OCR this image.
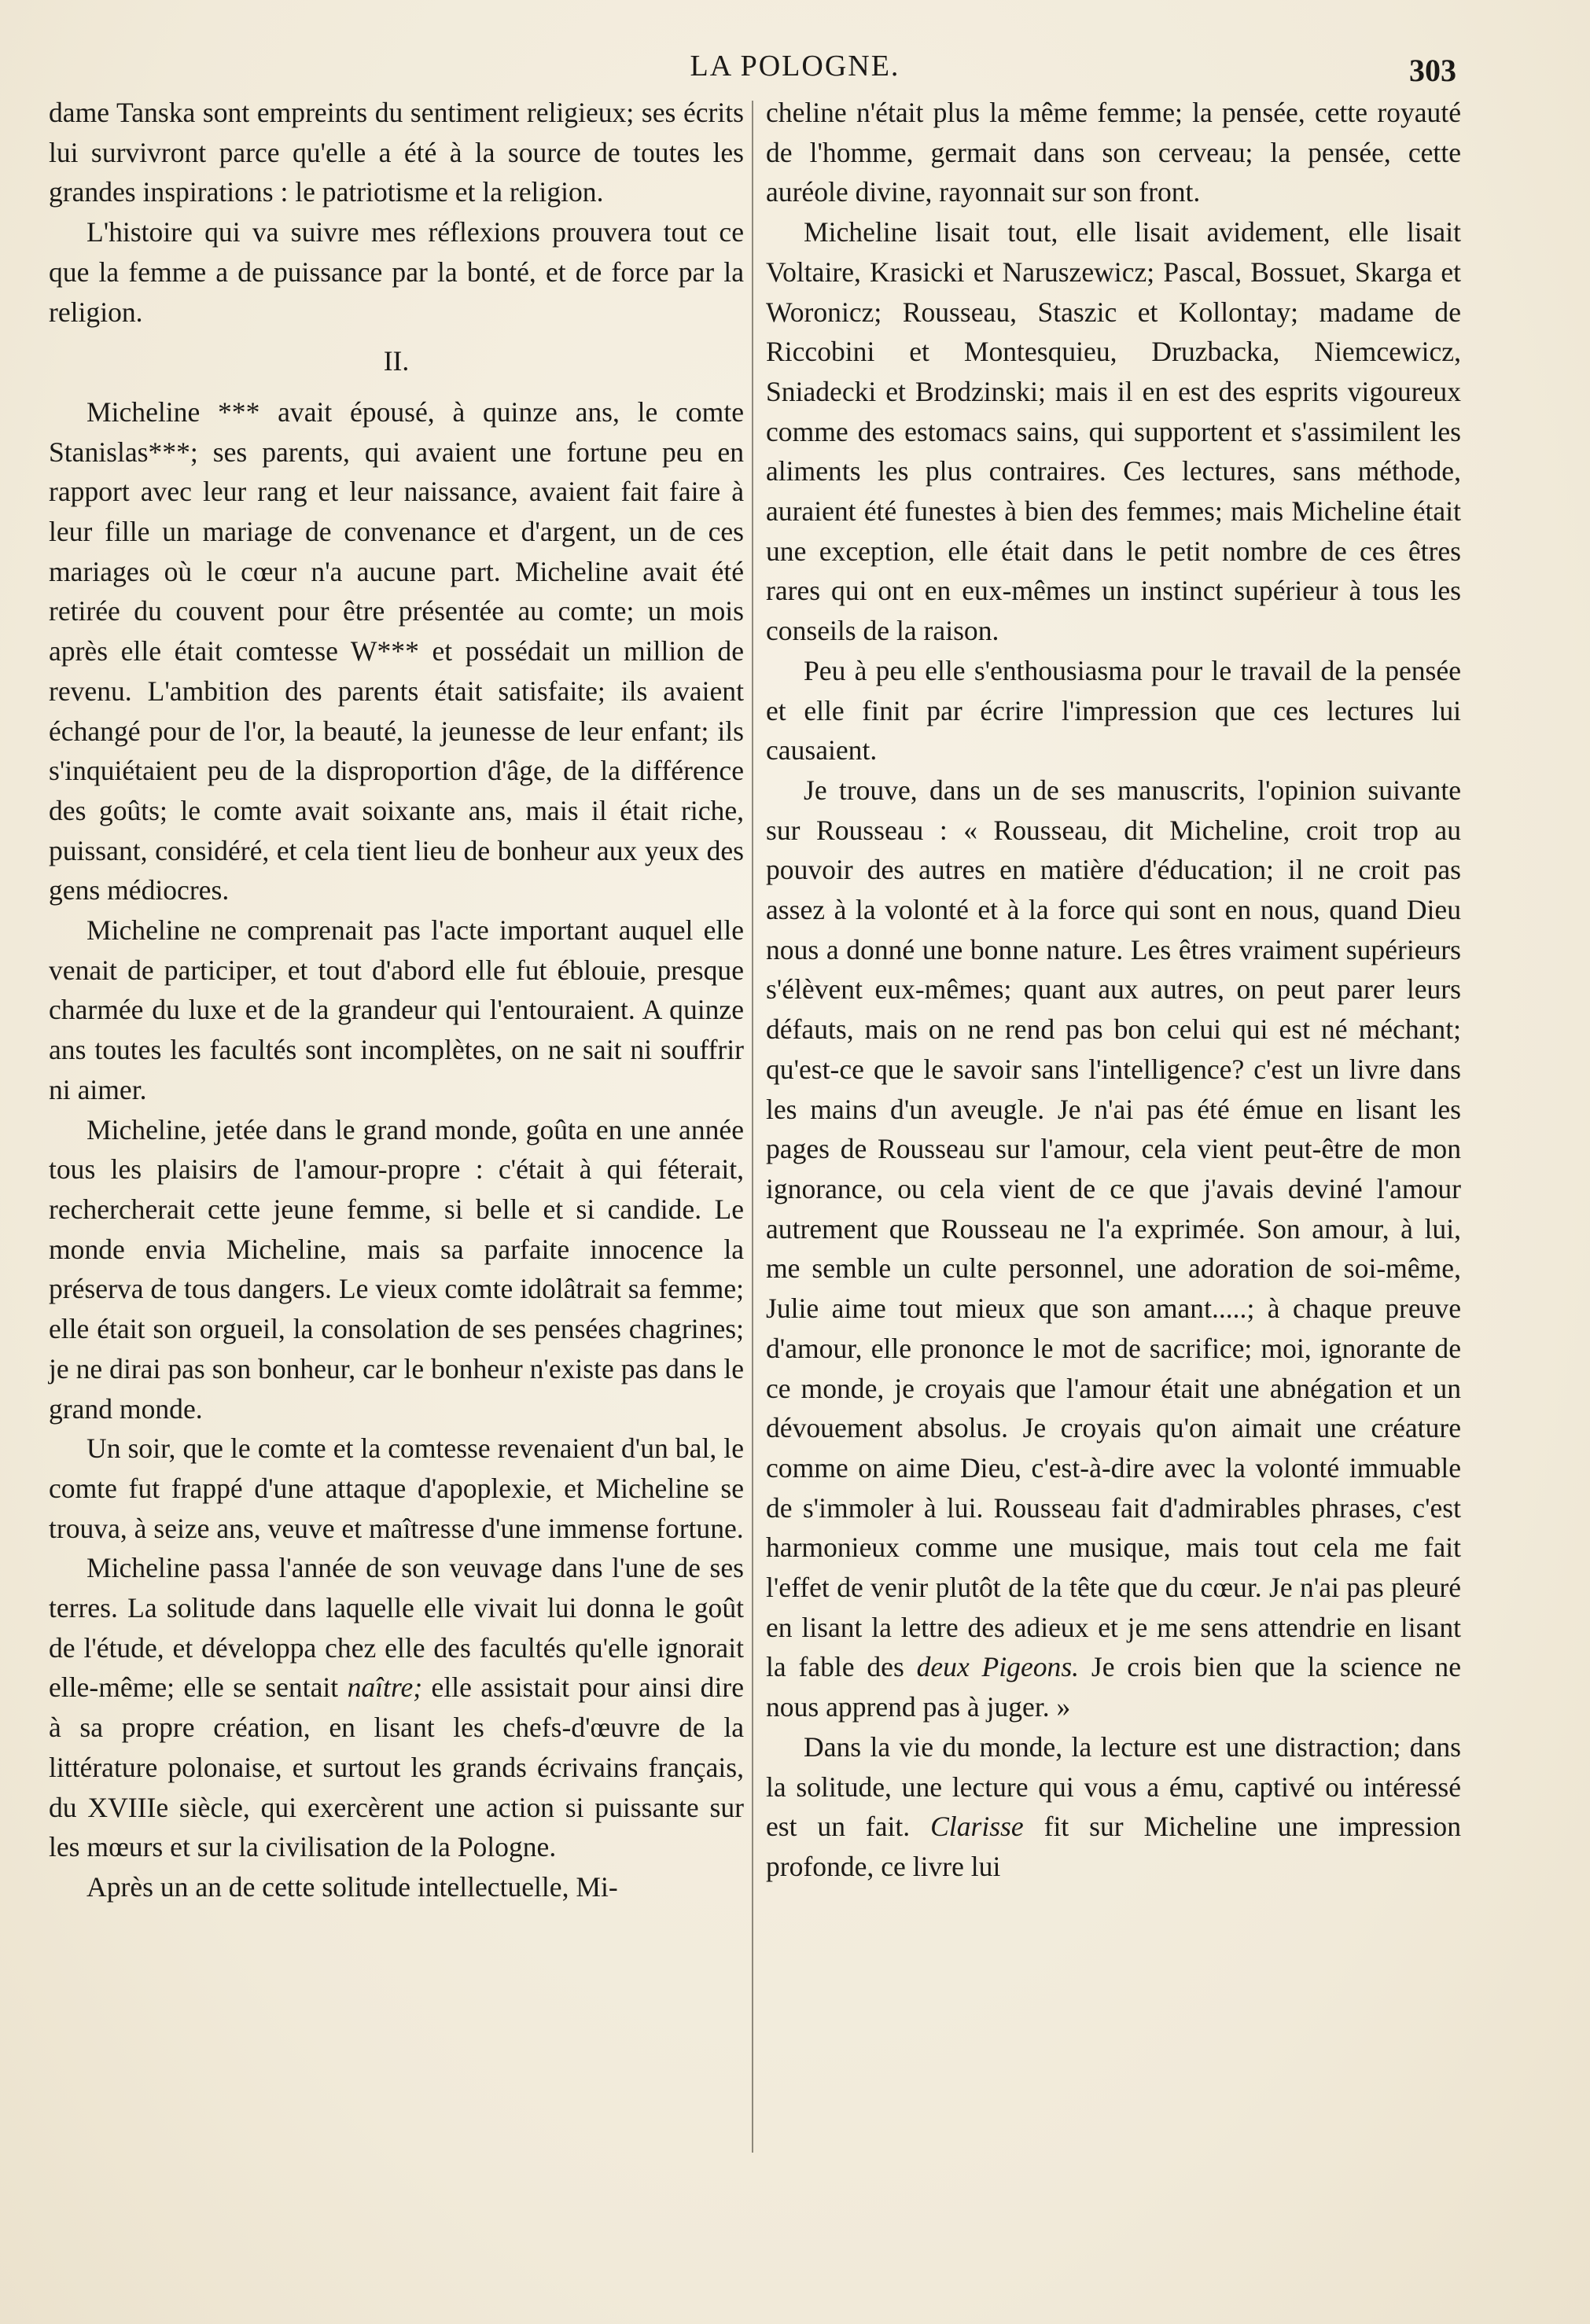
LA POLOGNE.	303

dame Tanska sont empreints du sentiment religieux; ses écrits lui survivront parce qu'elle a été à la source de toutes les grandes inspirations : le patriotisme et la religion.

L'histoire qui va suivre mes réflexions prouvera tout ce que la femme a de puissance par la bonté, et de force par la religion.

II.

Micheline *** avait épousé, à quinze ans, le comte Stanislas***; ses parents, qui avaient une fortune peu en rapport avec leur rang et leur naissance, avaient fait faire à leur fille un mariage de convenance et d'argent, un de ces mariages où le cœur n'a aucune part. Micheline avait été retirée du couvent pour être présentée au comte; un mois après elle était comtesse W*** et possédait un million de revenu. L'ambition des parents était satisfaite; ils avaient échangé pour de l'or, la beauté, la jeunesse de leur enfant; ils s'inquiétaient peu de la disproportion d'âge, de la différence des goûts; le comte avait soixante ans, mais il était riche, puissant, considéré, et cela tient lieu de bonheur aux yeux des gens médiocres.

Micheline ne comprenait pas l'acte important auquel elle venait de participer, et tout d'abord elle fut éblouie, presque charmée du luxe et de la grandeur qui l'entouraient. A quinze ans toutes les facultés sont incomplètes, on ne sait ni souffrir ni aimer.

Micheline, jetée dans le grand monde, goûta en une année tous les plaisirs de l'amour-propre : c'était à qui féterait, rechercherait cette jeune femme, si belle et si candide. Le monde envia Micheline, mais sa parfaite innocence la préserva de tous dangers. Le vieux comte idolâtrait sa femme; elle était son orgueil, la consolation de ses pensées chagrines; je ne dirai pas son bonheur, car le bonheur n'existe pas dans le grand monde.

Un soir, que le comte et la comtesse revenaient d'un bal, le comte fut frappé d'une attaque d'apoplexie, et Micheline se trouva, à seize ans, veuve et maîtresse d'une immense fortune.

Micheline passa l'année de son veuvage dans l'une de ses terres. La solitude dans laquelle elle vivait lui donna le goût de l'étude, et développa chez elle des facultés qu'elle ignorait elle-même; elle se sentait naître; elle assistait pour ainsi dire à sa propre création, en lisant les chefs-d'œuvre de la littérature polonaise, et surtout les grands écrivains français, du XVIIIe siècle, qui exercèrent une action si puissante sur les mœurs et sur la civilisation de la Pologne.

Après un an de cette solitude intellectuelle, Mi-

cheline n'était plus la même femme; la pensée, cette royauté de l'homme, germait dans son cerveau; la pensée, cette auréole divine, rayonnait sur son front.

Micheline lisait tout, elle lisait avidement, elle lisait Voltaire, Krasicki et Naruszewicz; Pascal, Bossuet, Skarga et Woronicz; Rousseau, Staszic et Kollontay; madame de Riccobini et Montesquieu, Druzbacka, Niemcewicz, Sniadecki et Brodzinski; mais il en est des esprits vigoureux comme des estomacs sains, qui supportent et s'assimilent les aliments les plus contraires. Ces lectures, sans méthode, auraient été funestes à bien des femmes; mais Micheline était une exception, elle était dans le petit nombre de ces êtres rares qui ont en eux-mêmes un instinct supérieur à tous les conseils de la raison.

Peu à peu elle s'enthousiasma pour le travail de la pensée et elle finit par écrire l'impression que ces lectures lui causaient.

Je trouve, dans un de ses manuscrits, l'opinion suivante sur Rousseau : « Rousseau, dit Micheline, croit trop au pouvoir des autres en matière d'éducation; il ne croit pas assez à la volonté et à la force qui sont en nous, quand Dieu nous a donné une bonne nature. Les êtres vraiment supérieurs s'élèvent eux-mêmes; quant aux autres, on peut parer leurs défauts, mais on ne rend pas bon celui qui est né méchant; qu'est-ce que le savoir sans l'intelligence? c'est un livre dans les mains d'un aveugle. Je n'ai pas été émue en lisant les pages de Rousseau sur l'amour, cela vient peut-être de mon ignorance, ou cela vient de ce que j'avais deviné l'amour autrement que Rousseau ne l'a exprimée. Son amour, à lui, me semble un culte personnel, une adoration de soi-même, Julie aime tout mieux que son amant.....; à chaque preuve d'amour, elle prononce le mot de sacrifice; moi, ignorante de ce monde, je croyais que l'amour était une abnégation et un dévouement absolus. Je croyais qu'on aimait une créature comme on aime Dieu, c'est-à-dire avec la volonté immuable de s'immoler à lui. Rousseau fait d'admirables phrases, c'est harmonieux comme une musique, mais tout cela me fait l'effet de venir plutôt de la tête que du cœur. Je n'ai pas pleuré en lisant la lettre des adieux et je me sens attendrie en lisant la fable des deux Pigeons. Je crois bien que la science ne nous apprend pas à juger. »

Dans la vie du monde, la lecture est une distraction; dans la solitude, une lecture qui vous a ému, captivé ou intéressé est un fait. Clarisse fit sur Micheline une impression profonde, ce livre lui
